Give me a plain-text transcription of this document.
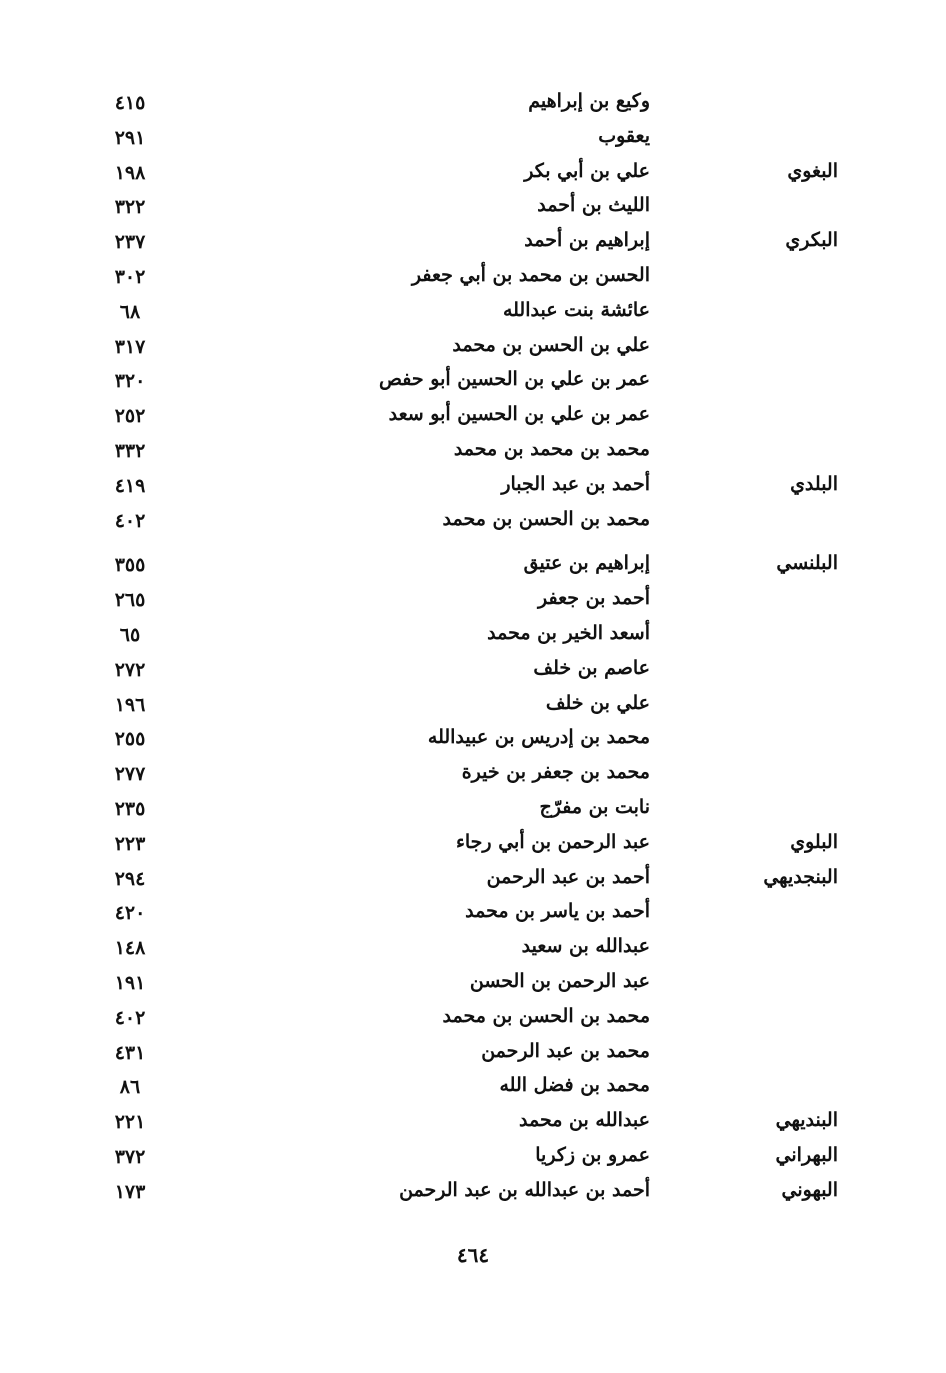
وكيع بن إبراهيم
٤١٥
يعقوب
٢٩١
البغوي
علي بن أبي بكر
١٩٨
الليث بن أحمد
٣٢٢
البكري
إبراهيم بن أحمد
٢٣٧
الحسن بن محمد بن أبي جعفر
٣٠٢
عائشة بنت عبدالله
٦٨
علي بن الحسن بن محمد
٣١٧
عمر بن علي بن الحسين أبو حفص
٣٢٠
عمر بن علي بن الحسين أبو سعد
٢٥٢
محمد بن محمد بن محمد
٣٣٢
البلدي
أحمد بن عبد الجبار
٤١٩
محمد بن الحسن بن محمد
٤٠٢
البلنسي
إبراهيم بن عتيق
٣٥٥
أحمد بن جعفر
٢٦٥
أسعد الخير بن محمد
٦٥
عاصم بن خلف
٢٧٢
علي بن خلف
١٩٦
محمد بن إدريس بن عبيدالله
٢٥٥
محمد بن جعفر بن خيرة
٢٧٧
نابت بن مفرّج
٢٣٥
البلوي
عبد الرحمن بن أبي رجاء
٢٢٣
البنجديهي
أحمد بن عبد الرحمن
٢٩٤
أحمد بن ياسر بن محمد
٤٢٠
عبدالله بن سعيد
١٤٨
عبد الرحمن بن الحسن
١٩١
محمد بن الحسن بن محمد
٤٠٢
محمد بن عبد الرحمن
٤٣١
محمد بن فضل الله
٨٦
البنديهي
عبدالله بن محمد
٢٢١
البهراني
عمرو بن زكريا
٣٧٢
البهوني
أحمد بن عبدالله بن عبد الرحمن
١٧٣
٤٦٤
